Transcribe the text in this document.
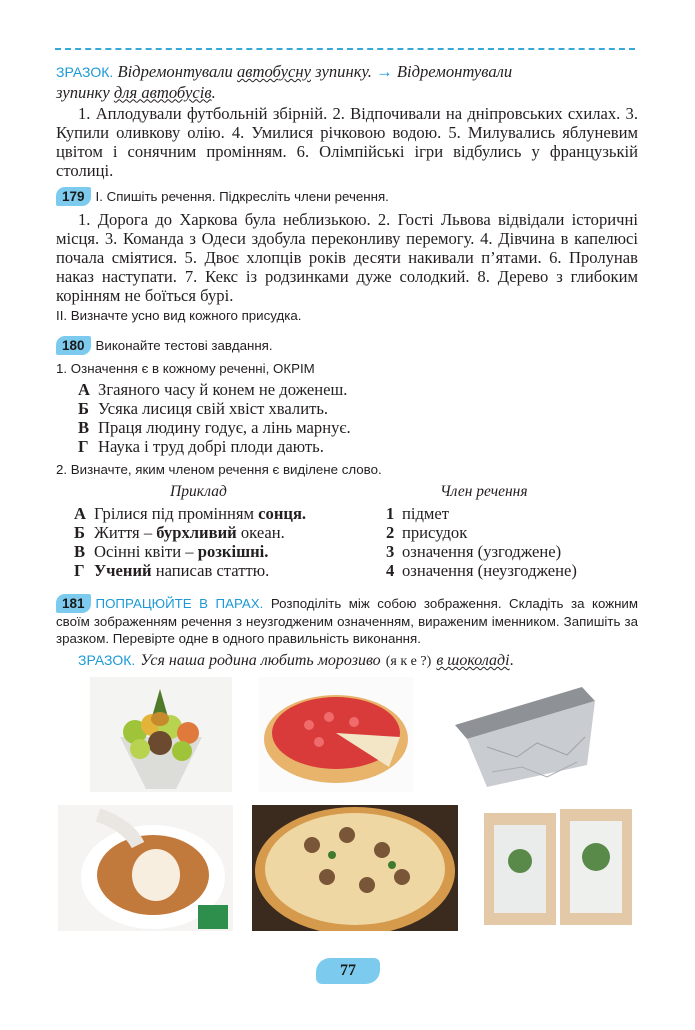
ЗРАЗОК. Відремонтували автобусну зупинку. → Відремонтували
зупинку для автобусів.
1. Аплодували футбольній збірній. 2. Відпочивали на дніпровських схилах. 3. Купили оливкову олію. 4. Умилися річковою водою. 5. Милувались яблуневим цвітом і сонячним промінням. 6. Олімпійські ігри відбулись у французькій столиці.
179 I. Спишіть речення. Підкресліть члени речення.
1. Дорога до Харкова була неблизькою. 2. Гості Львова відвідали історичні місця. 3. Команда з Одеси здобула переконливу перемогу. 4. Дівчина в капелюсі почала сміятися. 5. Двоє хлопців років десяти накивали п’ятами. 6. Пролунав наказ наступати. 7. Кекс із родзинками дуже солодкий. 8. Дерево з глибоким корінням не боїться бурі.
II. Визначте усно вид кожного присудка.
180 Виконайте тестові завдання.
1. Означення є в кожному реченні, ОКРІМ
А Згаяного часу й конем не доженеш.
Б Усяка лисиця свій хвіст хвалить.
В Праця людину годує, а лінь марнує.
Г Наука і труд добрі плоди дають.
2. Визначте, яким членом речення є виділене слово.
Приклад	Член речення
А Грілися під промінням сонця.	1 підмет
Б Життя – бурхливий океан.	2 присудок
В Осінні квіти – розкішні.	3 означення (узгоджене)
Г Учений написав статтю.	4 означення (неузгоджене)
181 ПОПРАЦЮЙТЕ В ПАРАХ. Розподіліть між собою зображення. Складіть за кожним своїм зображенням речення з неузгодженим означенням, вираженим іменником. Запишіть за зразком. Перевірте одне в одного правильність виконання.
ЗРАЗОК. Уся наша родина любить морозиво (я к е ?) в шоколаді.
77
